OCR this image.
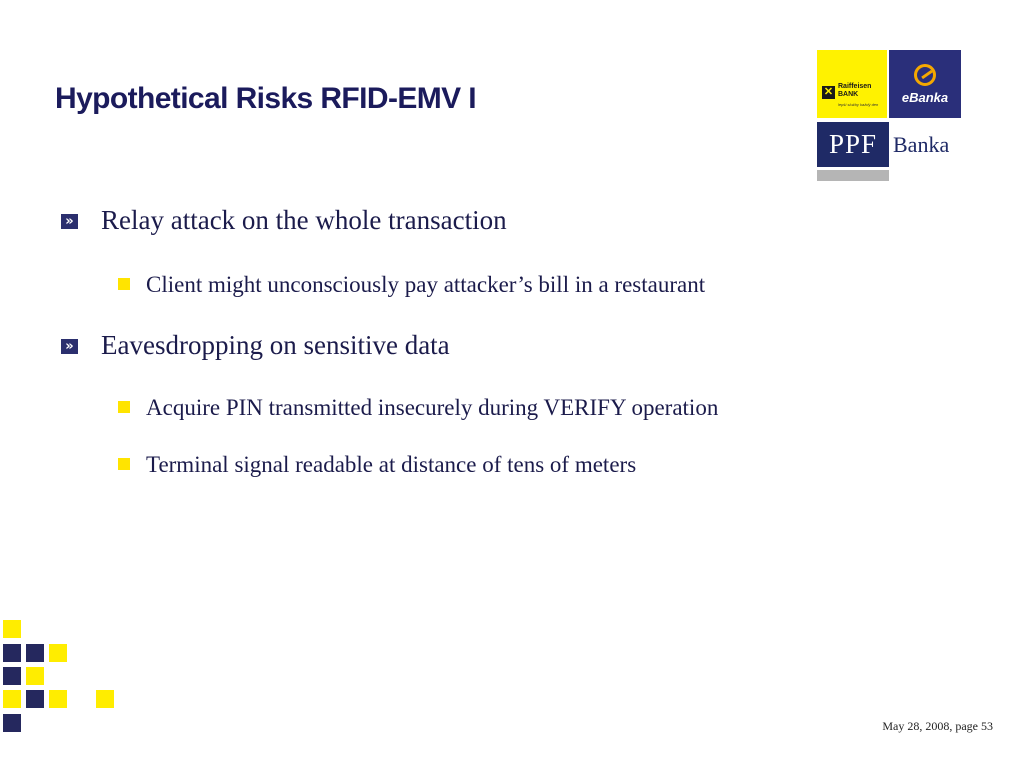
Hypothetical Risks RFID-EMV I	✕ Raiffeisen
BANK
lepší služby každý den	eBanka
PPF Banka
» Relay attack on the whole transaction
Client might unconsciously pay attacker’s bill in a restaurant
» Eavesdropping on sensitive data
Acquire PIN transmitted insecurely during VERIFY operation
Terminal signal readable at distance of tens of meters
May 28, 2008, page 53
